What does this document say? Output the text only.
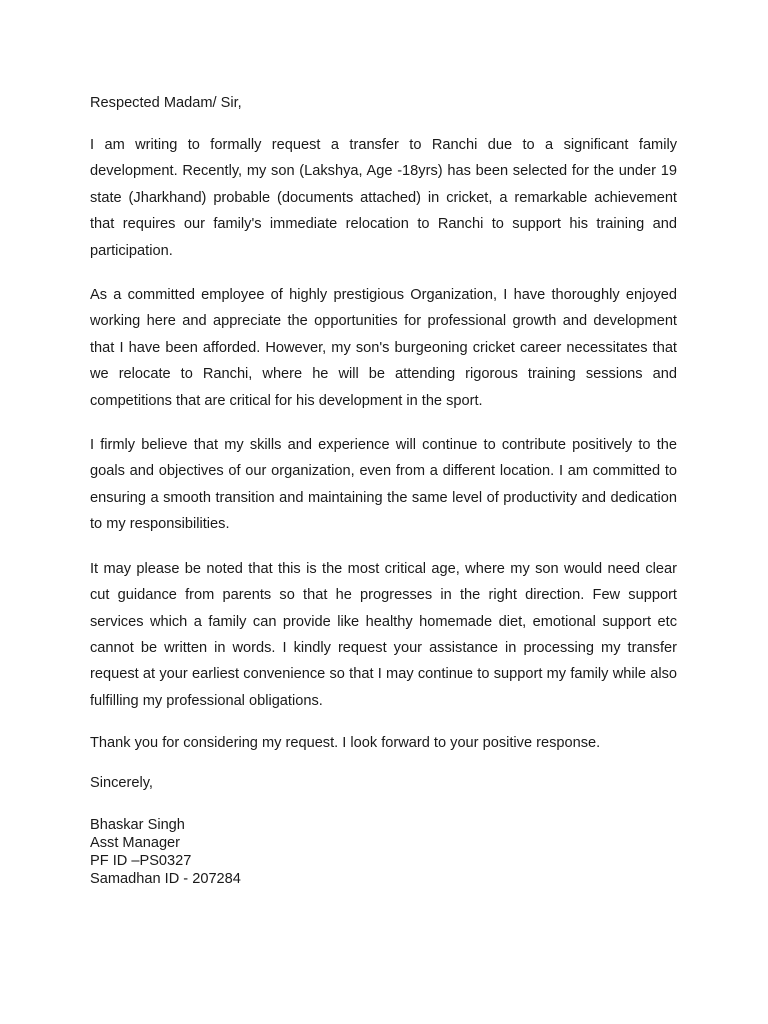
Respected Madam/ Sir,

I am writing to formally request a transfer to Ranchi due to a significant family development. Recently, my son (Lakshya, Age -18yrs) has been selected for the under 19 state (Jharkhand) probable (documents attached) in cricket, a remarkable achievement that requires our family's immediate relocation to Ranchi to support his training and participation.

As a committed employee of highly prestigious Organization, I have thoroughly enjoyed working here and appreciate the opportunities for professional growth and development that I have been afforded. However, my son's burgeoning cricket career necessitates that we relocate to Ranchi, where he will be attending rigorous training sessions and competitions that are critical for his development in the sport.

I firmly believe that my skills and experience will continue to contribute positively to the goals and objectives of our organization, even from a different location. I am committed to ensuring a smooth transition and maintaining the same level of productivity and dedication to my responsibilities.

It may please be noted that this is the most critical age, where my son would need clear cut guidance from parents so that he progresses in the right direction. Few support services which a family can provide like healthy homemade diet, emotional support etc cannot be written in words. I kindly request your assistance in processing my transfer request at your earliest convenience so that I may continue to support my family while also fulfilling my professional obligations.

Thank you for considering my request. I look forward to your positive response.

Sincerely,

Bhaskar Singh
Asst Manager
PF ID –PS0327
Samadhan ID - 207284
